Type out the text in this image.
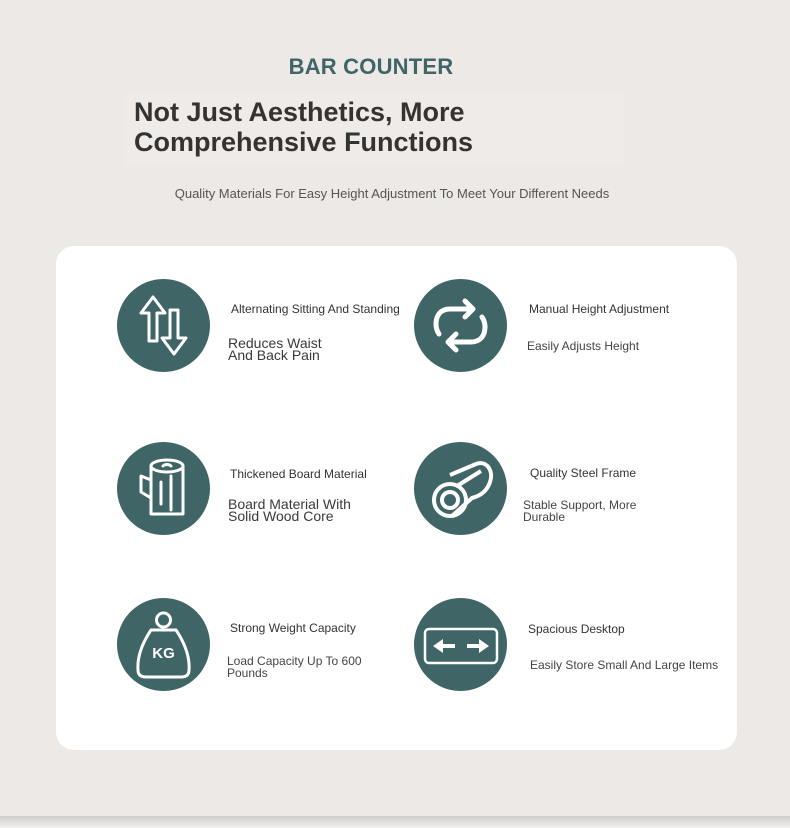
BAR COUNTER
Not Just Aesthetics, More
Comprehensive Functions
Quality Materials For Easy Height Adjustment To Meet Your Different Needs
Alternating Sitting And Standing
Reduces Waist
And Back Pain
Manual Height Adjustment
Easily Adjusts Height
Thickened Board Material
Board Material With
Solid Wood Core
Quality Steel Frame
Stable Support, More
Durable
KG
Strong Weight Capacity
Load Capacity Up To 600
Pounds
Spacious Desktop
Easily Store Small And Large Items
